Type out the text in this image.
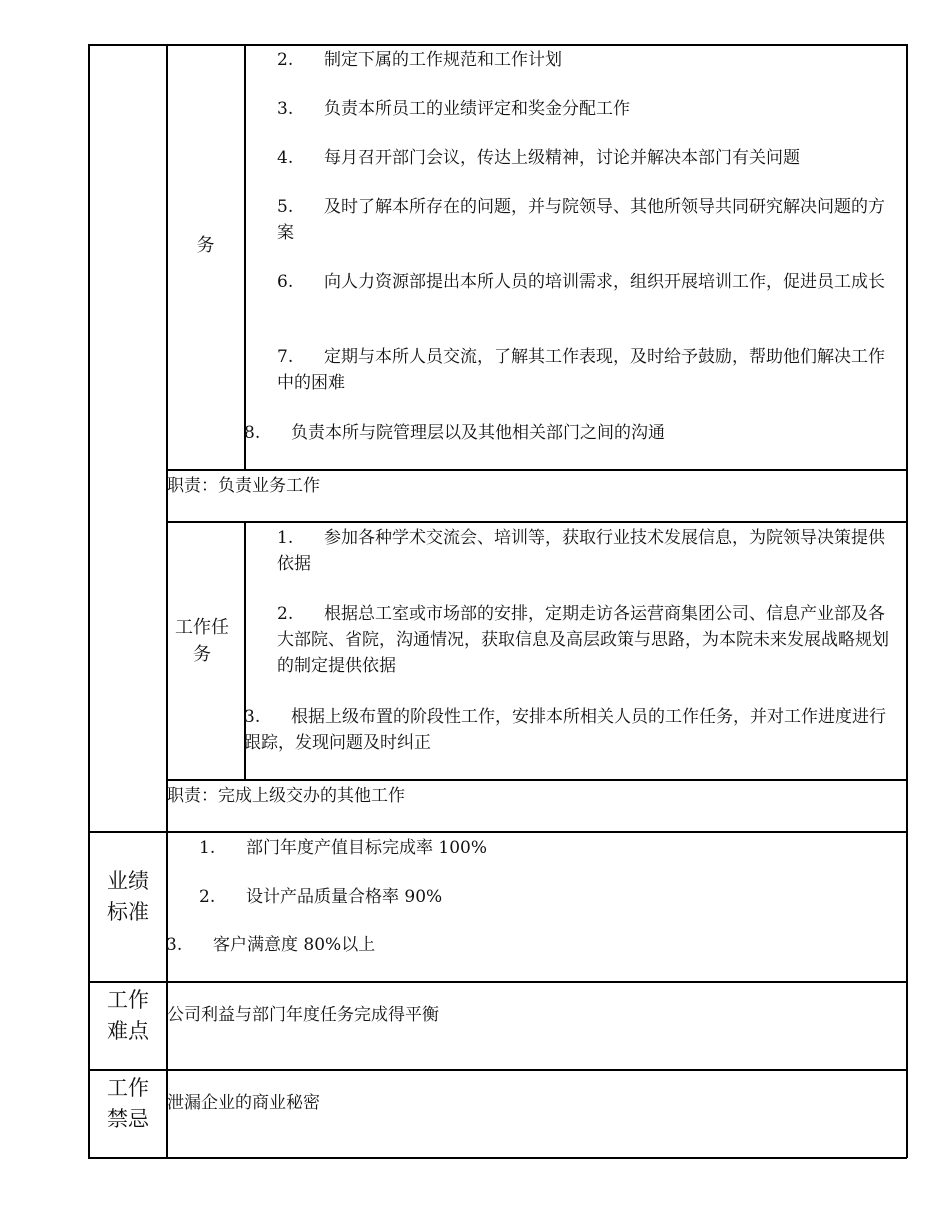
务
2. 制定下属的工作规范和工作计划
3. 负责本所员工的业绩评定和奖金分配工作
4. 每月召开部门会议，传达上级精神，讨论并解决本部门有关问题
5. 及时了解本所存在的问题，并与院领导、其他所领导共同研究解决问题的方案
6. 向人力资源部提出本所人员的培训需求，组织开展培训工作，促进员工成长
7. 定期与本所人员交流，了解其工作表现，及时给予鼓励，帮助他们解决工作中的困难
8. 负责本所与院管理层以及其他相关部门之间的沟通
职责：负责业务工作
工作任务
1. 参加各种学术交流会、培训等，获取行业技术发展信息，为院领导决策提供依据
2. 根据总工室或市场部的安排，定期走访各运营商集团公司、信息产业部及各大部院、省院，沟通情况，获取信息及高层政策与思路，为本院未来发展战略规划的制定提供依据
3. 根据上级布置的阶段性工作，安排本所相关人员的工作任务，并对工作进度进行跟踪，发现问题及时纠正
职责：完成上级交办的其他工作
业绩标准
1. 部门年度产值目标完成率 100%
2. 设计产品质量合格率 90%
3. 客户满意度 80%以上
工作难点
公司利益与部门年度任务完成得平衡
工作禁忌
泄漏企业的商业秘密
